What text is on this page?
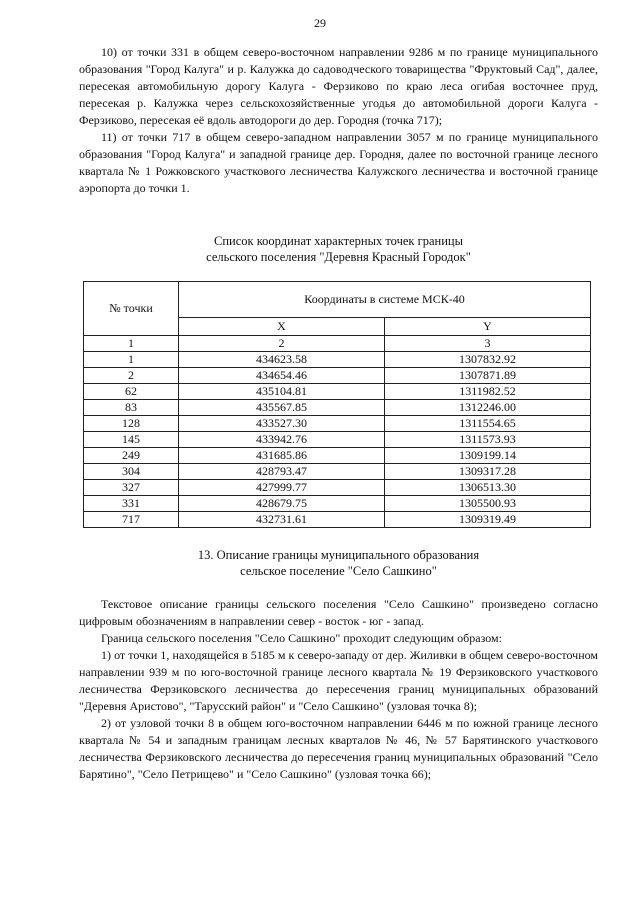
29

10) от точки 331 в общем северо-восточном направлении 9286 м по границе муниципального образования "Город Калуга" и р. Калужка до садоводческого товарищества "Фруктовый Сад", далее, пересекая автомобильную дорогу Калуга - Ферзиково по краю леса огибая восточнее пруд, пересекая р. Калужка через сельскохозяйственные угодья до автомобильной дороги Калуга - Ферзиково, пересекая её вдоль автодороги до дер. Городня (точка 717);

11) от точки 717 в общем северо-западном направлении 3057 м по границе муниципального образования "Город Калуга" и западной границе дер. Городня, далее по восточной границе лесного квартала № 1 Рожковского участкового лесничества Калужского лесничества и восточной границе аэропорта до точки 1.

Список координат характерных точек границы
сельского поселения "Деревня Красный Городок"
№ точки	Координаты в системе МСК-40	
	X	Y
1	2	3
1	434623.58	1307832.92
2	434654.46	1307871.89
62	435104.81	1311982.52
83	435567.85	1312246.00
128	433527.30	1311554.65
145	433942.76	1311573.93
249	431685.86	1309199.14
304	428793.47	1309317.28
327	427999.77	1306513.30
331	428679.75	1305500.93
717	432731.61	1309319.49
13. Описание границы муниципального образования
сельское поселение "Село Сашкино"

Текстовое описание границы сельского поселения "Село Сашкино" произведено согласно цифровым обозначениям в направлении север - восток - юг - запад.

Граница сельского поселения "Село Сашкино" проходит следующим образом:

1) от точки 1, находящейся в 5185 м к северо-западу от дер. Жиливки в общем северо-восточном направлении 939 м по юго-восточной границе лесного квартала № 19 Ферзиковского участкового лесничества Ферзиковского лесничества до пересечения границ муниципальных образований "Деревня Аристово", "Тарусский район" и "Село Сашкино" (узловая точка 8);

2) от узловой точки 8 в общем юго-восточном направлении 6446 м по южной границе лесного квартала № 54 и западным границам лесных кварталов № 46, № 57 Барятинского участкового лесничества Ферзиковского лесничества до пересечения границ муниципальных образований "Село Барятино", "Село Петрищево" и "Село Сашкино" (узловая точка 66);
